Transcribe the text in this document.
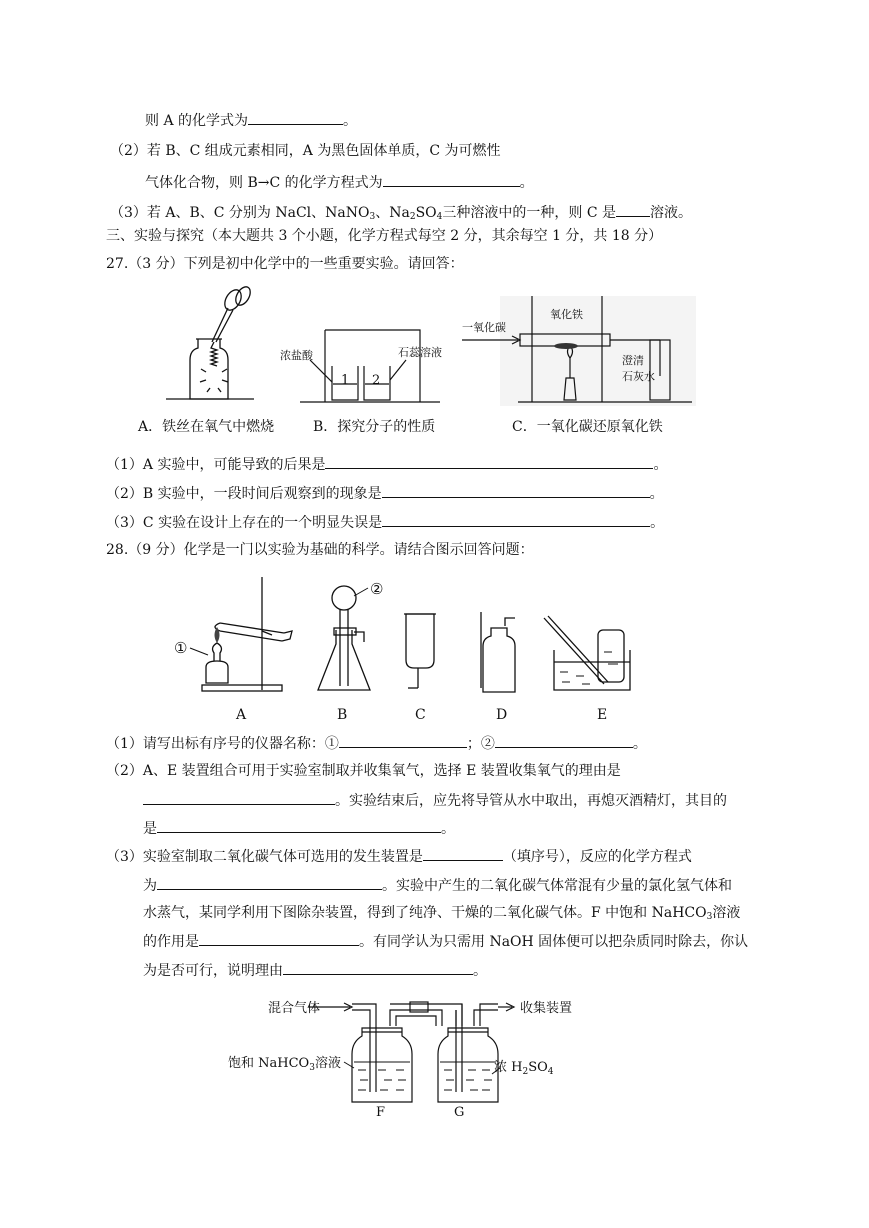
则 A 的化学式为	。
（2）若 B、C 组成元素相同，A 为黑色固体单质，C 为可燃性
气体化合物，则 B→C 的化学方程式为	。
（3）若 A、B、C 分别为 NaCl、NaNO$_3$、$Na_2SO_4$三种溶液中的一种，则 C 是 溶液。
三、实验与探究（本大题共 3 个小题，化学方程式每空 2 分，其余每空 1 分，共 18 分）
27.（3 分）下列是初中化学中的一些重要实验。请回答：
浓盐酸	石蕊溶液
1 2
一氧化碳
氧化铁
澄清
石灰水
A．铁丝在氧气中燃烧	B．探究分子的性质	C．一氧化碳还原氧化铁
（1）A 实验中，可能导致的后果是	。
（2）B 实验中，一段时间后观察到的现象是	。
（3）C 实验在设计上存在的一个明显失误是	。
28.（9 分）化学是一门以实验为基础的科学。请结合图示回答问题：
①
②
A	B	C	D	E
（1）请写出标有序号的仪器名称：①	；②	。
（2）A、E 装置组合可用于实验室制取并收集氧气，选择 E 装置收集氧气的理由是
。实验结束后，应先将导管从水中取出，再熄灭酒精灯，其目的
是	。
（3）实验室制取二氧化碳气体可选用的发生装置是	（填序号），反应的化学方程式
为	。实验中产生的二氧化碳气体常混有少量的氯化氢气体和
水蒸气，某同学利用下图除杂装置，得到了纯净、干燥的二氧化碳气体。F 中饱和 NaHCO$_3$溶液
的作用是	。有同学认为只需用 NaOH 固体便可以把杂质同时除去，你认
为是否可行，说明理由	。
混合气体	收集装置
饱和 NaHCO$_3$溶液	浓 $H_2SO_4$
F	G
